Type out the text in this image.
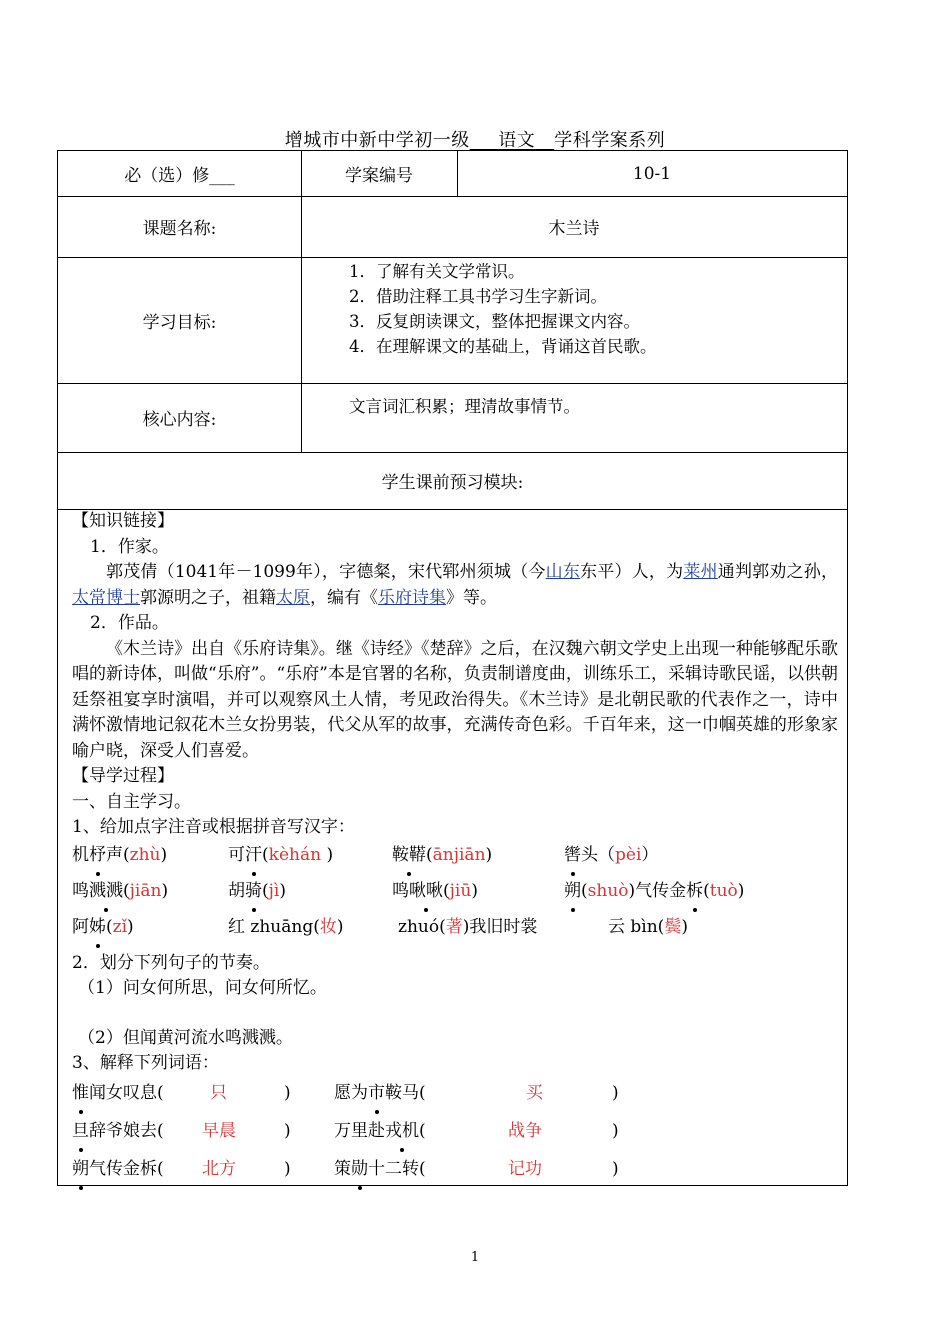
增城市中新中学初一级___语文__学科学案系列
必（选）修___	学案编号	10-1
课题名称:	木兰诗
学习目标:
1．了解有关文学常识。
2．借助注释工具书学习生字新词。
3．反复朗读课文，整体把握课文内容。
4．在理解课文的基础上，背诵这首民歌。
核心内容:
文言词汇积累；理清故事情节。
学生课前预习模块:

【知识链接】

1．作家。

郭茂倩（1041年－1099年），字德粲，宋代郓州须城（今山东东平）人，为莱州通判郭劝之孙，太常博士郭源明之子，祖籍太原，编有《乐府诗集》等。

2．作品。

《木兰诗》出自《乐府诗集》。继《诗经》《楚辞》之后，在汉魏六朝文学史上出现一种能够配乐歌唱的新诗体，叫做“乐府”。“乐府”本是官署的名称，负责制谱度曲，训练乐工，采辑诗歌民谣，以供朝廷祭祖宴享时演唱，并可以观察风土人情，考见政治得失。《木兰诗》是北朝民歌的代表作之一，诗中满怀激情地记叙花木兰女扮男装，代父从军的故事，充满传奇色彩。千百年来，这一巾帼英雄的形象家喻户晓，深受人们喜爱。

【导学过程】

一、自主学习。

1、给加点字注音或根据拼音写汉字：

机杼声(zhù)	可汗(kèhán )	鞍鞯(ānjiān)	辔头（pèi）
鸣溅溅(jiān)	胡骑(jì)	鸣啾啾(jiū)	朔(shuò)气传金柝(tuò)
阿姊(zǐ)	红 zhuāng(妆)	zhuó(著)我旧时裳	云 bìn(鬓)

2．划分下列句子的节奏。

（1）问女何所思，问女何所忆。

（2）但闻黄河流水鸣溅溅。

3、解释下列词语：

惟闻女叹息(	只	)	愿为市鞍马(	买	)
旦辞爷娘去( 早晨	)	万里赴戎机(	战争	)
朔气传金柝( 北方	)	策勋十二转(	记功	)
1
